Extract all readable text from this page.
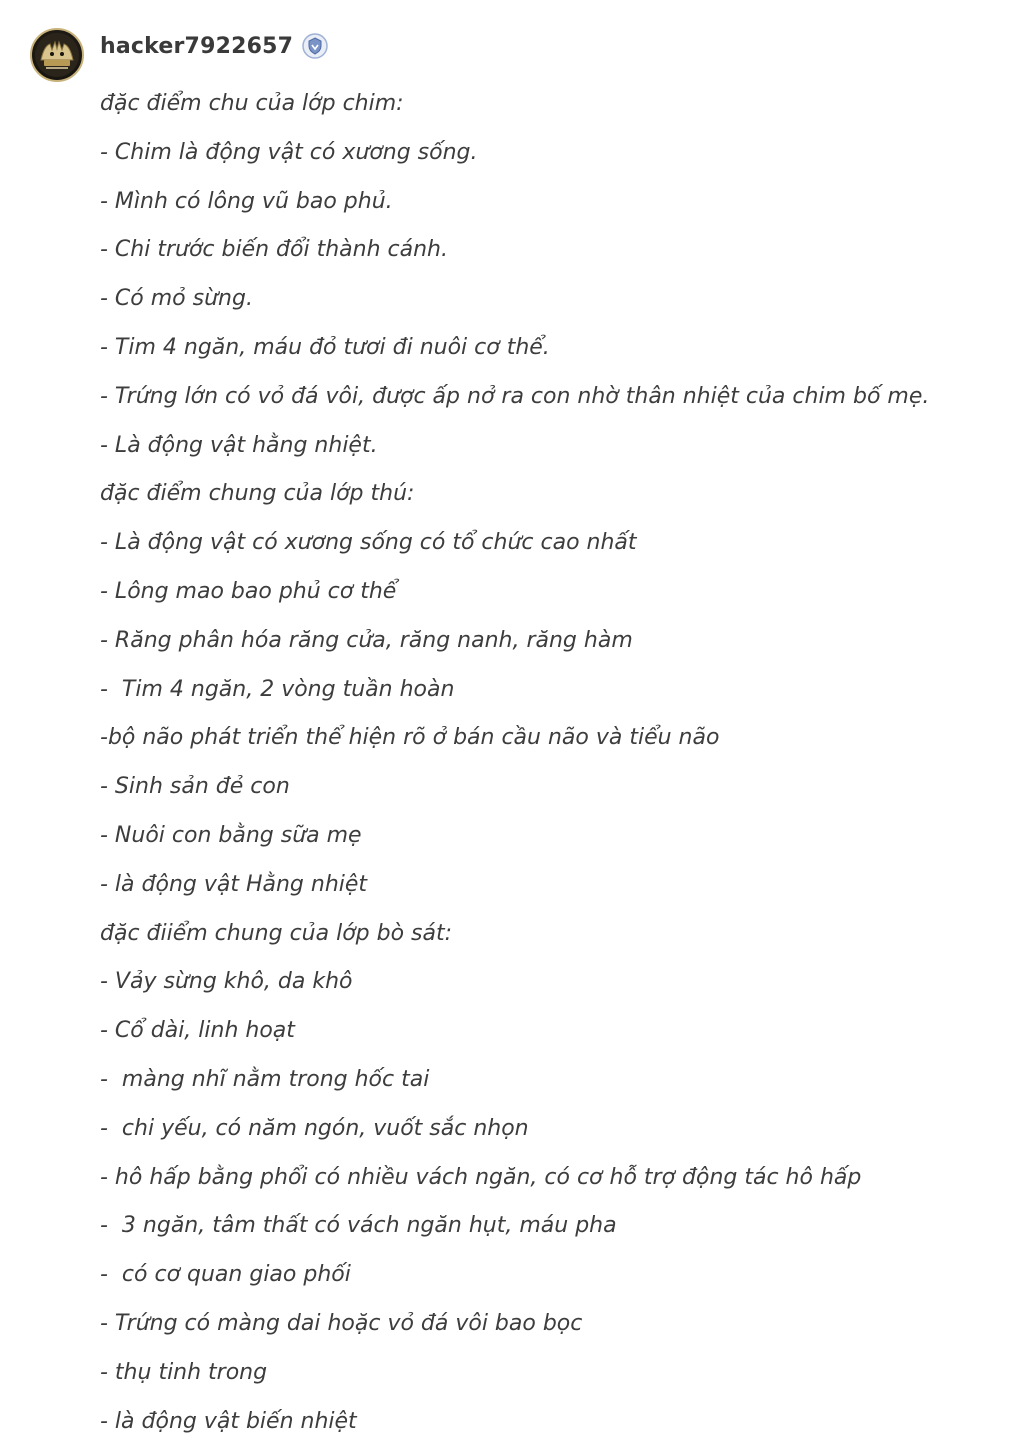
hacker7922657
đặc điểm chu của lớp chim:
- Chim là động vật có xương sống.
- Mình có lông vũ bao phủ.
- Chi trước biến đổi thành cánh.
- Có mỏ sừng.
- Tim 4 ngăn, máu đỏ tươi đi nuôi cơ thể.
- Trứng lớn có vỏ đá vôi, được ấp nở ra con nhờ thân nhiệt của chim bố mẹ.
- Là động vật hằng nhiệt.
đặc điểm chung của lớp thú:
- Là động vật có xương sống có tổ chức cao nhất
- Lông mao bao phủ cơ thể
- Răng phân hóa răng cửa, răng nanh, răng hàm
-  Tim 4 ngăn, 2 vòng tuần hoàn
-bộ não phát triển thể hiện rõ ở bán cầu não và tiểu não
- Sinh sản đẻ con
- Nuôi con bằng sữa mẹ
- là động vật Hằng nhiệt
đặc điiểm chung của lớp bò sát:
- Vảy sừng khô, da khô
- Cổ dài, linh hoạt
-  màng nhĩ nằm trong hốc tai
-  chi yếu, có năm ngón, vuốt sắc nhọn
- hô hấp bằng phổi có nhiều vách ngăn, có cơ hỗ trợ động tác hô hấp
-  3 ngăn, tâm thất có vách ngăn hụt, máu pha
-  có cơ quan giao phối
- Trứng có màng dai hoặc vỏ đá vôi bao bọc
- thụ tinh trong
- là động vật biến nhiệt
